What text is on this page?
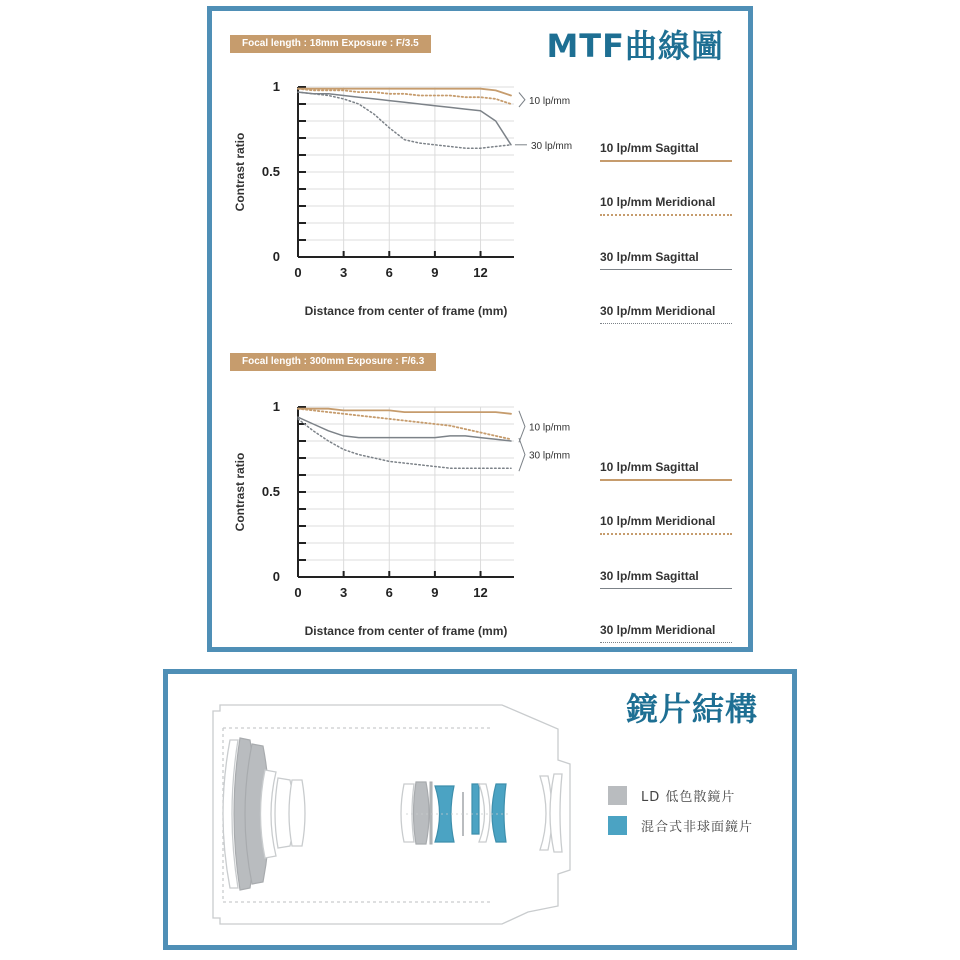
MTF曲線圖
Focal length : 18mm Exposure : F/3.5
0	3	6	9	12
1
0.5
0
Contrast ratio
Distance from center of frame (mm)
10 lp/mm
30 lp/mm 10 lp/mm Sagittal
10 lp/mm Meridional
30 lp/mm Sagittal
30 lp/mm Meridional
Focal length : 300mm Exposure : F/6.3
0	3	6	9	12
1
0.5
0
Contrast ratio
Distance from center of frame (mm)
10 lp/mm
30 lp/mm
10 lp/mm Sagittal
10 lp/mm Meridional
30 lp/mm Sagittal
30 lp/mm Meridional
鏡片結構
LD 低色散鏡片
混合式非球面鏡片
